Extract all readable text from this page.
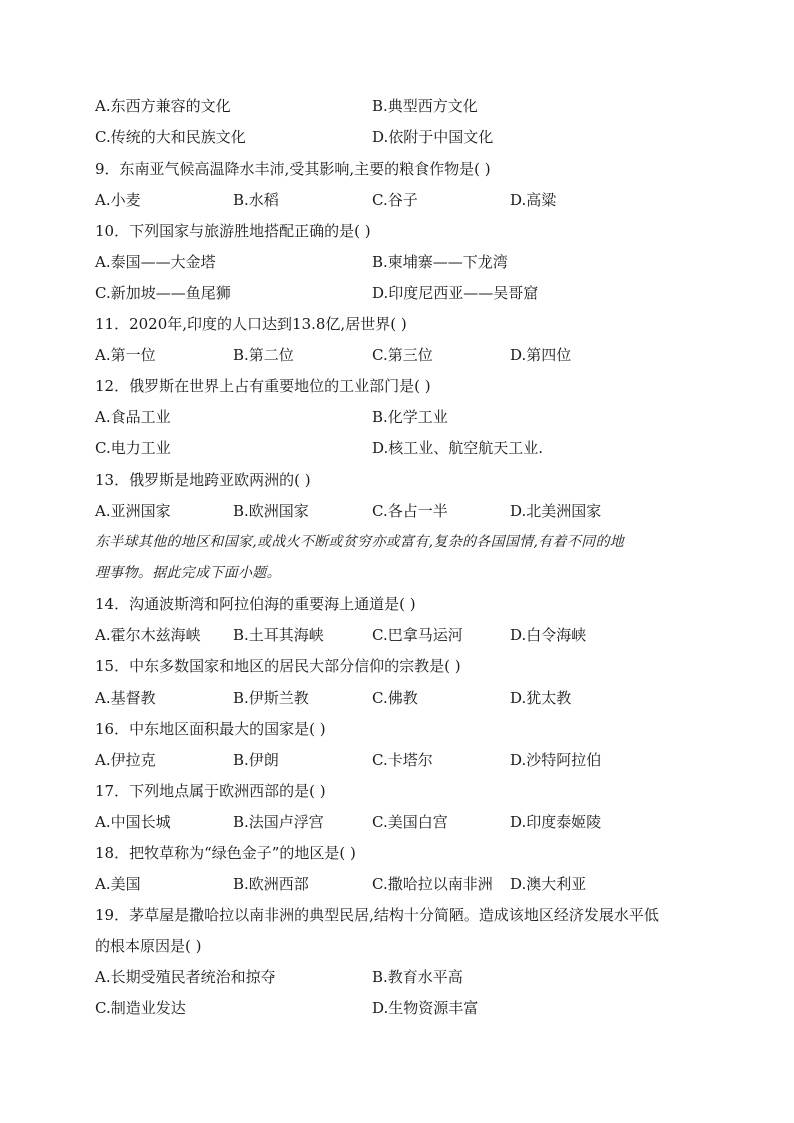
A.东西方兼容的文化	B.典型西方文化
C.传统的大和民族文化	D.依附于中国文化
9．东南亚气候高温降水丰沛,受其影响,主要的粮食作物是( )
A.小麦	B.水稻	C.谷子	D.高粱
10．下列国家与旅游胜地搭配正确的是( )
A.泰国——大金塔	B.柬埔寨——下龙湾
C.新加坡——鱼尾狮	D.印度尼西亚——吴哥窟
11．2020年,印度的人口达到13.8亿,居世界( )
A.第一位	B.第二位	C.第三位	D.第四位
12．俄罗斯在世界上占有重要地位的工业部门是( )
A.食品工业	B.化学工业
C.电力工业	D.核工业、航空航天工业.
13．俄罗斯是地跨亚欧两洲的( )
A.亚洲国家	B.欧洲国家	C.各占一半	D.北美洲国家
东半球其他的地区和国家,或战火不断或贫穷亦或富有,复杂的各国国情,有着不同的地
理事物。据此完成下面小题。
14．沟通波斯湾和阿拉伯海的重要海上通道是( )
A.霍尔木兹海峡 B.土耳其海峡	C.巴拿马运河	D.白令海峡
15．中东多数国家和地区的居民大部分信仰的宗教是( )
A.基督教	B.伊斯兰教	C.佛教	D.犹太教
16．中东地区面积最大的国家是( )
A.伊拉克	B.伊朗	C.卡塔尔	D.沙特阿拉伯
17．下列地点属于欧洲西部的是( )
A.中国长城	B.法国卢浮宫	C.美国白宫	D.印度泰姬陵
18．把牧草称为“绿色金子”的地区是( )
A.美国	B.欧洲西部	C.撒哈拉以南非洲 D.澳大利亚
19．茅草屋是撒哈拉以南非洲的典型民居,结构十分简陋。造成该地区经济发展水平低
的根本原因是( )
A.长期受殖民者统治和掠夺	B.教育水平高
C.制造业发达	D.生物资源丰富
